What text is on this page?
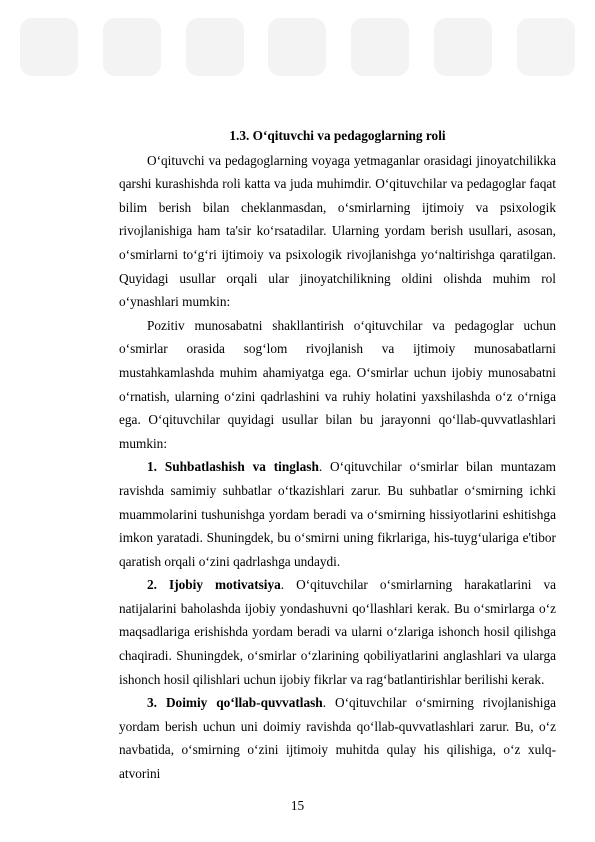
1.3. O‘qituvchi va pedagoglarning roli

O‘qituvchi va pedagoglarning voyaga yetmaganlar orasidagi jinoyatchilikka qarshi kurashishda roli katta va juda muhimdir. O‘qituvchilar va pedagoglar faqat bilim berish bilan cheklanmasdan, o‘smirlarning ijtimoiy va psixologik rivojlanishiga ham ta'sir ko‘rsatadilar. Ularning yordam berish usullari, asosan, o‘smirlarni to‘g‘ri ijtimoiy va psixologik rivojlanishga yo‘naltirishga qaratilgan. Quyidagi usullar orqali ular jinoyatchilikning oldini olishda muhim rol o‘ynashlari mumkin:

Pozitiv munosabatni shakllantirish o‘qituvchilar va pedagoglar uchun o‘smirlar orasida sog‘lom rivojlanish va ijtimoiy munosabatlarni mustahkamlashda muhim ahamiyatga ega. O‘smirlar uchun ijobiy munosabatni o‘rnatish, ularning o‘zini qadrlashini va ruhiy holatini yaxshilashda o‘z o‘rniga ega. O‘qituvchilar quyidagi usullar bilan bu jarayonni qo‘llab-quvvatlashlari mumkin:

1. Suhbatlashish va tinglash. O‘qituvchilar o‘smirlar bilan muntazam ravishda samimiy suhbatlar o‘tkazishlari zarur. Bu suhbatlar o‘smirning ichki muammolarini tushunishga yordam beradi va o‘smirning hissiyotlarini eshitishga imkon yaratadi. Shuningdek, bu o‘smirni uning fikrlariga, his-tuyg‘ulariga e'tibor qaratish orqali o‘zini qadrlashga undaydi.

2. Ijobiy motivatsiya. O‘qituvchilar o‘smirlarning harakatlarini va natijalarini baholashda ijobiy yondashuvni qo‘llashlari kerak. Bu o‘smirlarga o‘z maqsadlariga erishishda yordam beradi va ularni o‘zlariga ishonch hosil qilishga chaqiradi. Shuningdek, o‘smirlar o‘zlarining qobiliyatlarini anglashlari va ularga ishonch hosil qilishlari uchun ijobiy fikrlar va rag‘batlantirishlar berilishi kerak.

3. Doimiy qo‘llab-quvvatlash. O‘qituvchilar o‘smirning rivojlanishiga yordam berish uchun uni doimiy ravishda qo‘llab-quvvatlashlari zarur. Bu, o‘z navbatida, o‘smirning o‘zini ijtimoiy muhitda qulay his qilishiga, o‘z xulq-atvorini

15
